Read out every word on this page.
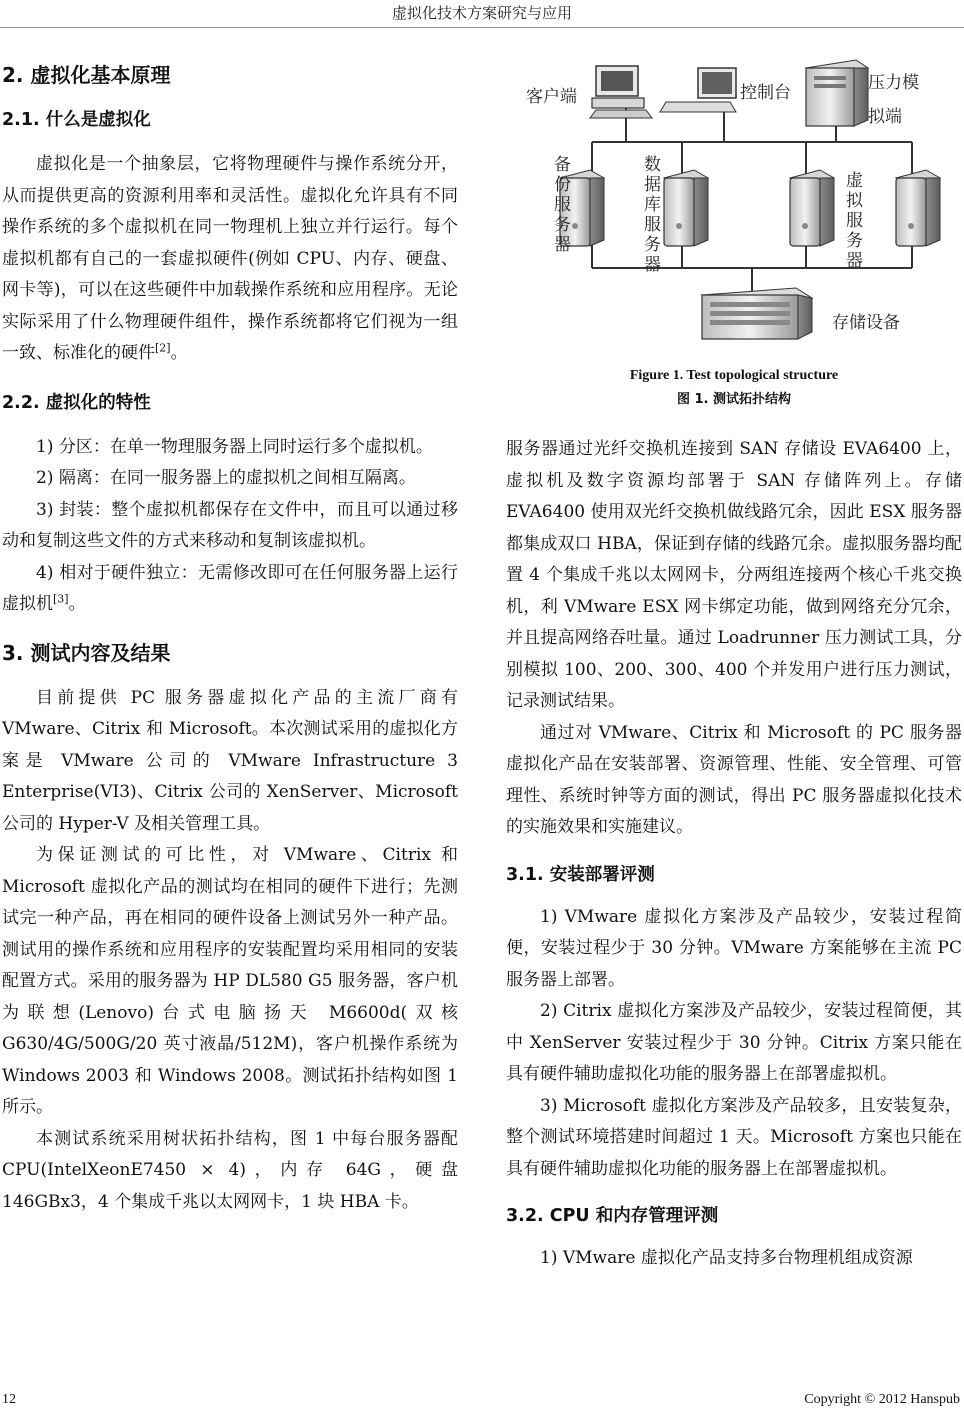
虚拟化技术方案研究与应用
2. 虚拟化基本原理
2.1. 什么是虚拟化

虚拟化是一个抽象层，它将物理硬件与操作系统分开，从而提供更高的资源利用率和灵活性。虚拟化允许具有不同操作系统的多个虚拟机在同一物理机上独立并行运行。每个虚拟机都有自己的一套虚拟硬件(例如 CPU、内存、硬盘、网卡等)，可以在这些硬件中加载操作系统和应用程序。无论实际采用了什么物理硬件组件，操作系统都将它们视为一组一致、标准化的硬件[2]。

2.2. 虚拟化的特性

1) 分区：在单一物理服务器上同时运行多个虚拟机。

2) 隔离：在同一服务器上的虚拟机之间相互隔离。

3) 封装：整个虚拟机都保存在文件中，而且可以通过移动和复制这些文件的方式来移动和复制该虚拟机。

4) 相对于硬件独立：无需修改即可在任何服务器上运行虚拟机[3]。

3. 测试内容及结果

目前提供 PC 服务器虚拟化产品的主流厂商有 VMware、Citrix 和 Microsoft。本次测试采用的虚拟化方案是 VMware 公司的 VMware Infrastructure 3 Enterprise(VI3)、Citrix 公司的 XenServer、Microsoft 公司的 Hyper-V 及相关管理工具。

为保证测试的可比性，对 VMware、Citrix 和 Microsoft 虚拟化产品的测试均在相同的硬件下进行；先测试完一种产品，再在相同的硬件设备上测试另外一种产品。测试用的操作系统和应用程序的安装配置均采用相同的安装配置方式。采用的服务器为 HP DL580 G5 服务器，客户机为联想(Lenovo)台式电脑扬天 M6600d(双核 G630/4G/500G/20 英寸液晶/512M)，客户机操作系统为 Windows 2003 和 Windows 2008。测试拓扑结构如图 1 所示。

本测试系统采用树状拓扑结构，图 1 中每台服务器配 CPU(IntelXeonE7450 × 4)，内存 64G，硬盘 146GBx3，4 个集成千兆以太网网卡，1 块 HBA 卡。

客户端	控制台	压力模
拟端
备
份
服
务
器
数
据
库
服
务
器
虚
拟
服
务
器
存储设备
Figure 1. Test topological structure
图 1. 测试拓扑结构

服务器通过光纤交换机连接到 SAN 存储设 EVA6400 上，虚拟机及数字资源均部署于 SAN 存储阵列上。存储 EVA6400 使用双光纤交换机做线路冗余，因此 ESX 服务器都集成双口 HBA，保证到存储的线路冗余。虚拟服务器均配置 4 个集成千兆以太网网卡，分两组连接两个核心千兆交换机，利 VMware ESX 网卡绑定功能，做到网络充分冗余，并且提高网络吞吐量。通过 Loadrunner 压力测试工具，分别模拟 100、200、300、400 个并发用户进行压力测试，记录测试结果。

通过对 VMware、Citrix 和 Microsoft 的 PC 服务器虚拟化产品在安装部署、资源管理、性能、安全管理、可管理性、系统时钟等方面的测试，得出 PC 服务器虚拟化技术的实施效果和实施建议。

3.1. 安装部署评测

1) VMware 虚拟化方案涉及产品较少，安装过程简便，安装过程少于 30 分钟。VMware 方案能够在主流 PC 服务器上部署。

2) Citrix 虚拟化方案涉及产品较少，安装过程简便，其中 XenServer 安装过程少于 30 分钟。Citrix 方案只能在具有硬件辅助虚拟化功能的服务器上在部署虚拟机。

3) Microsoft 虚拟化方案涉及产品较多，且安装复杂，整个测试环境搭建时间超过 1 天。Microsoft 方案也只能在具有硬件辅助虚拟化功能的服务器上在部署虚拟机。

3.2. CPU 和内存管理评测

1) VMware 虚拟化产品支持多台物理机组成资源

12	Copyright © 2012 Hanspub
